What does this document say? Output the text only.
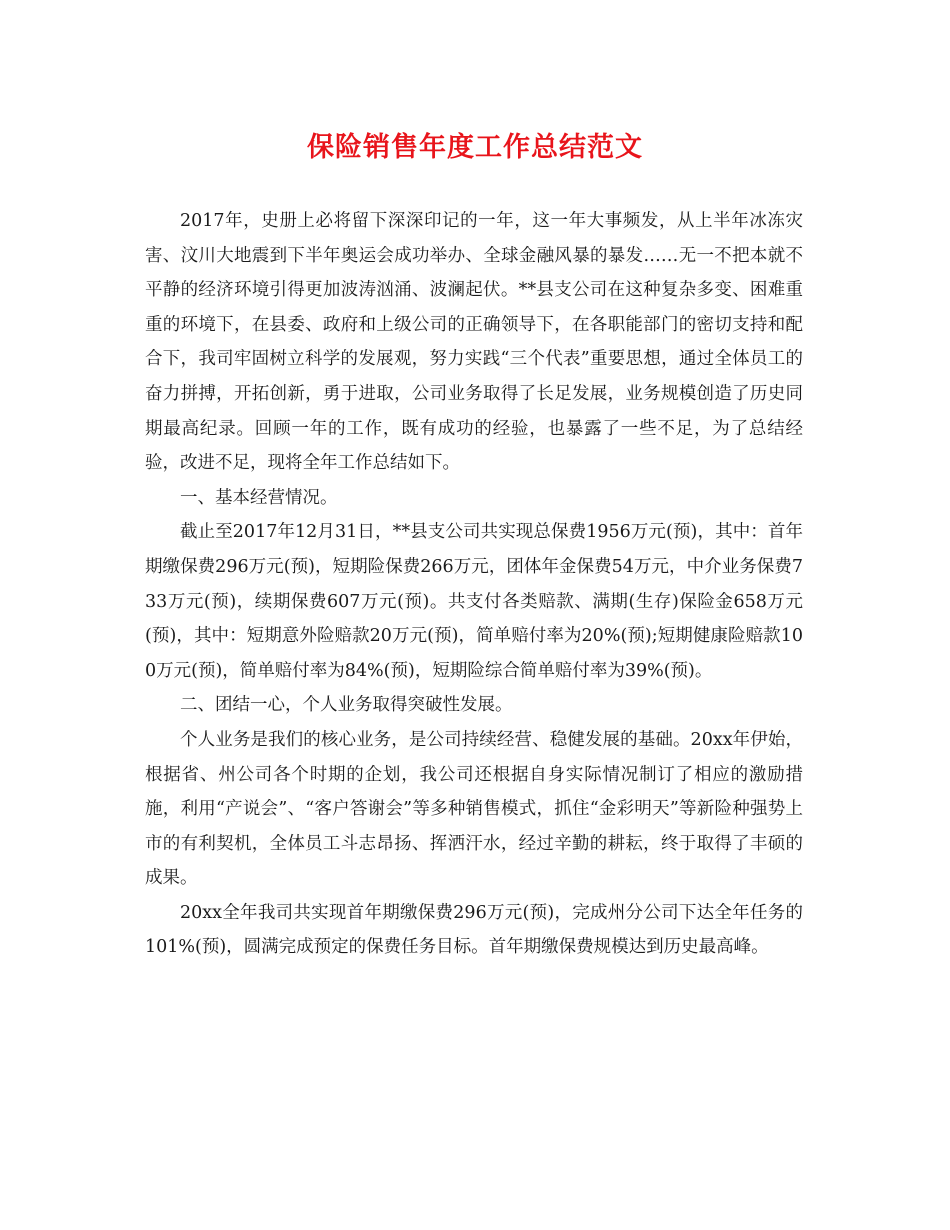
保险销售年度工作总结范文

2017年，史册上必将留下深深印记的一年，这一年大事频发，从上半年冰冻灾害、汶川大地震到下半年奥运会成功举办、全球金融风暴的暴发……无一不把本就不平静的经济环境引得更加波涛汹涌、波澜起伏。**县支公司在这种复杂多变、困难重重的环境下，在县委、政府和上级公司的正确领导下，在各职能部门的密切支持和配合下，我司牢固树立科学的发展观，努力实践“三个代表”重要思想，通过全体员工的奋力拼搏，开拓创新，勇于进取，公司业务取得了长足发展，业务规模创造了历史同期最高纪录。回顾一年的工作，既有成功的经验，也暴露了一些不足，为了总结经验，改进不足，现将全年工作总结如下。

一、基本经营情况。

截止至2017年12月31日，**县支公司共实现总保费1956万元(预)，其中：首年期缴保费296万元(预)，短期险保费266万元，团体年金保费54万元，中介业务保费733万元(预)，续期保费607万元(预)。共支付各类赔款、满期(生存)保险金658万元(预)，其中：短期意外险赔款20万元(预)，简单赔付率为20%(预);短期健康险赔款100万元(预)，简单赔付率为84%(预)，短期险综合简单赔付率为39%(预)。

二、团结一心，个人业务取得突破性发展。

个人业务是我们的核心业务，是公司持续经营、稳健发展的基础。20xx年伊始，根据省、州公司各个时期的企划，我公司还根据自身实际情况制订了相应的激励措施，利用“产说会”、“客户答谢会”等多种销售模式，抓住“金彩明天”等新险种强势上市的有利契机，全体员工斗志昂扬、挥洒汗水，经过辛勤的耕耘，终于取得了丰硕的成果。

20xx全年我司共实现首年期缴保费296万元(预)，完成州分公司下达全年任务的101%(预)，圆满完成预定的保费任务目标。首年期缴保费规模达到历史最高峰。
